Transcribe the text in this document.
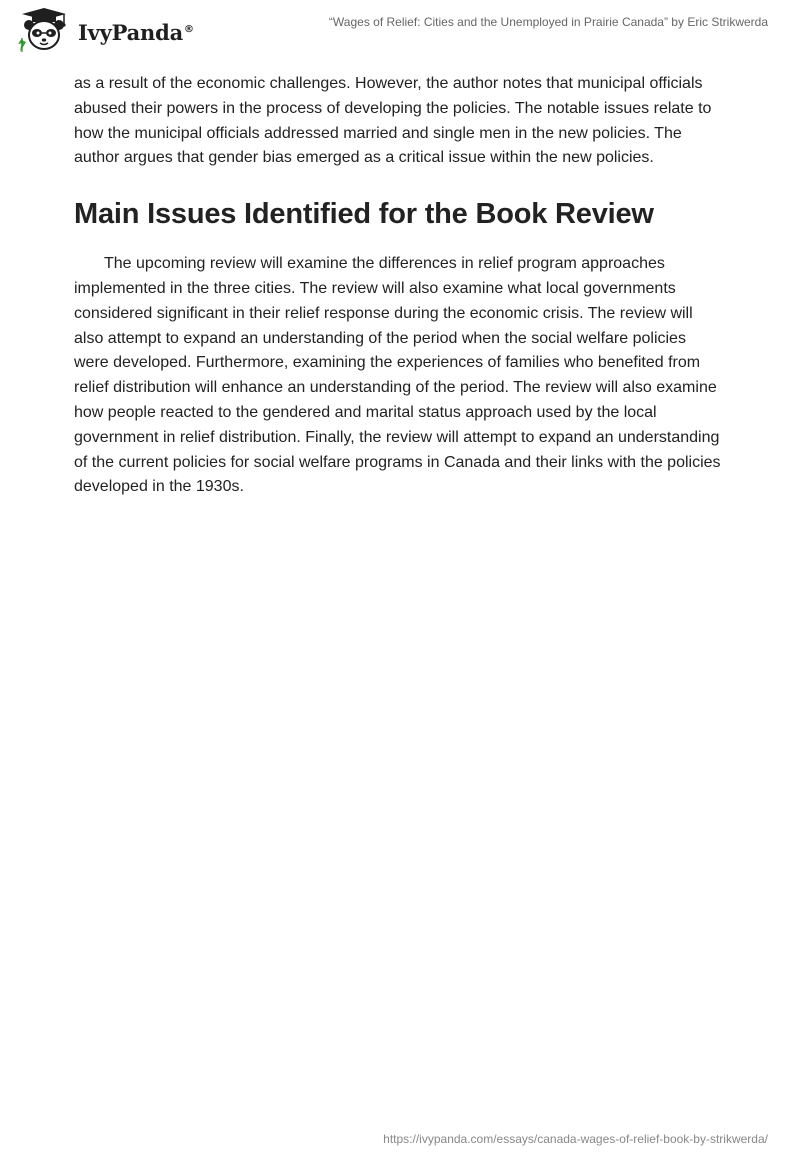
IvyPanda®	“Wages of Relief: Cities and the Unemployed in Prairie Canada” by Eric Strikwerda

as a result of the economic challenges. However, the author notes that municipal officials abused their powers in the process of developing the policies. The notable issues relate to how the municipal officials addressed married and single men in the new policies. The author argues that gender bias emerged as a critical issue within the new policies.

Main Issues Identified for the Book Review

The upcoming review will examine the differences in relief program approaches implemented in the three cities. The review will also examine what local governments considered significant in their relief response during the economic crisis. The review will also attempt to expand an understanding of the period when the social welfare policies were developed. Furthermore, examining the experiences of families who benefited from relief distribution will enhance an understanding of the period. The review will also examine how people reacted to the gendered and marital status approach used by the local government in relief distribution. Finally, the review will attempt to expand an understanding of the current policies for social welfare programs in Canada and their links with the policies developed in the 1930s.

https://ivypanda.com/essays/canada-wages-of-relief-book-by-strikwerda/
